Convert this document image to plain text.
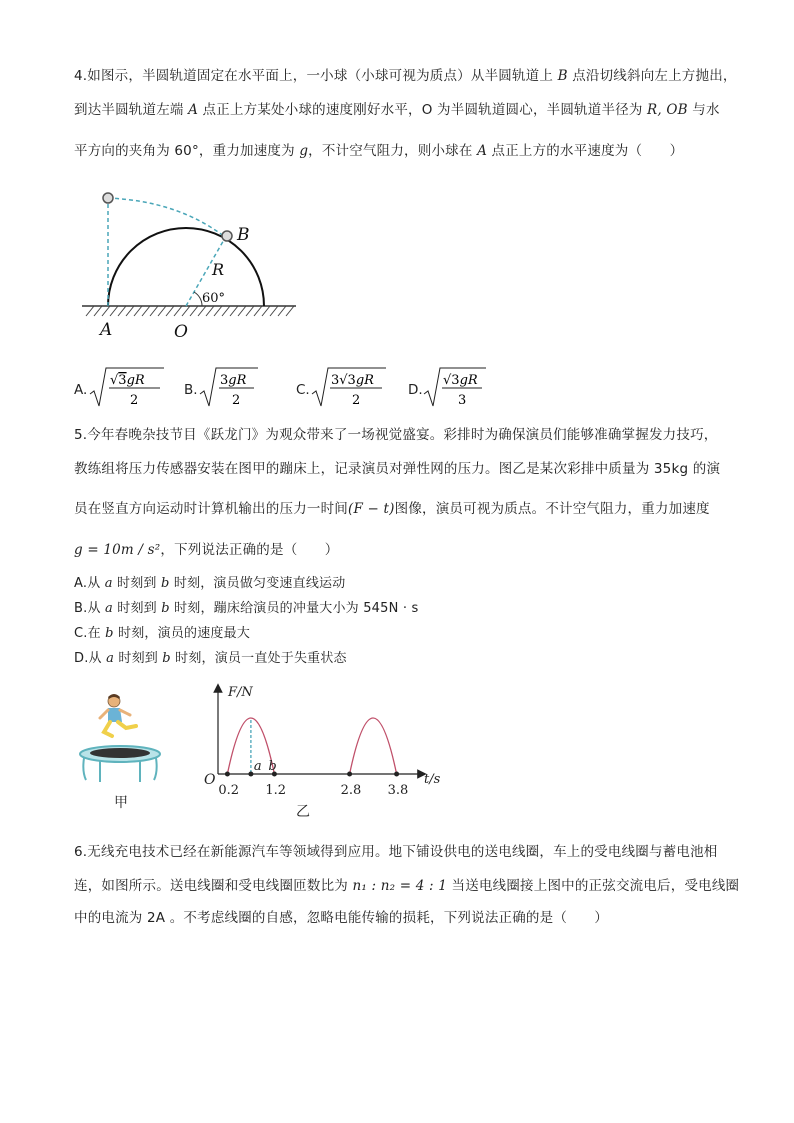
4.如图示，半圆轨道固定在水平面上，一小球（小球可视为质点）从半圆轨道上 B 点沿切线斜向左上方抛出，
到达半圆轨道左端 A 点正上方某处小球的速度刚好水平，O 为半圆轨道圆心，半圆轨道半径为 R, OB 与水
平方向的夹角为 60°，重力加速度为 g，不计空气阻力，则小球在 A 点正上方的水平速度为（　　）
B
R
60°
A	O
A.
√3gR
2
B.
3gR
2
C.
3√3gR
2
D.
√3gR
3
5.今年春晚杂技节目《跃龙门》为观众带来了一场视觉盛宴。彩排时为确保演员们能够准确掌握发力技巧，
教练组将压力传感器安装在图甲的蹦床上，记录演员对弹性网的压力。图乙是某次彩排中质量为 35kg 的演
员在竖直方向运动时计算机输出的压力一时间(F − t)图像，演员可视为质点。不计空气阻力，重力加速度
g = 10m / s²，下列说法正确的是（　　）
A.从 a 时刻到 b 时刻，演员做匀变速直线运动
B.从 a 时刻到 b 时刻，蹦床给演员的冲量大小为 545N · s
C.在 b 时刻，演员的速度最大
D.从 a 时刻到 b 时刻，演员一直处于失重状态
甲
F/N
t/s
O
乙
0.2 1.2	2.8 3.8
a b
6.无线充电技术已经在新能源汽车等领域得到应用。地下铺设供电的送电线圈，车上的受电线圈与蓄电池相
连，如图所示。送电线圈和受电线圈匝数比为 n₁ : n₂ = 4 : 1 当送电线圈接上图中的正弦交流电后，受电线圈
中的电流为 2A 。不考虑线圈的自感，忽略电能传输的损耗，下列说法正确的是（　　）
